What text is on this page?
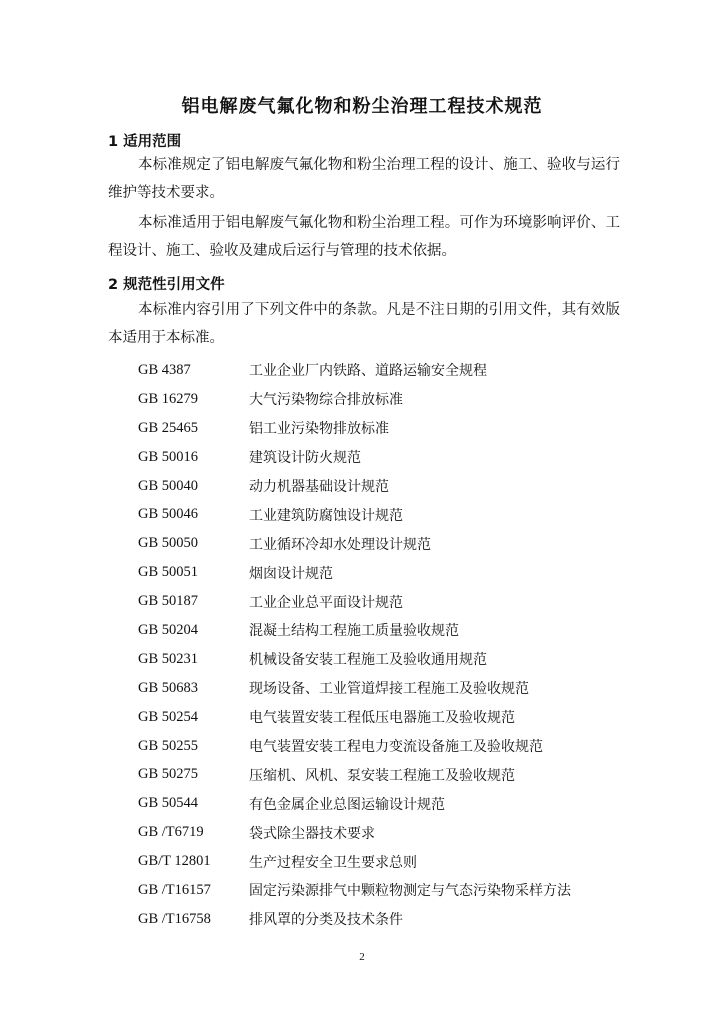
铝电解废气氟化物和粉尘治理工程技术规范
1 适用范围

本标准规定了铝电解废气氟化物和粉尘治理工程的设计、施工、验收与运行维护等技术要求。

本标准适用于铝电解废气氟化物和粉尘治理工程。可作为环境影响评价、工程设计、施工、验收及建成后运行与管理的技术依据。

2 规范性引用文件

本标准内容引用了下列文件中的条款。凡是不注日期的引用文件，其有效版本适用于本标准。

GB 4387	工业企业厂内铁路、道路运输安全规程
GB 16279	大气污染物综合排放标准
GB 25465	铝工业污染物排放标准
GB 50016	建筑设计防火规范
GB 50040	动力机器基础设计规范
GB 50046	工业建筑防腐蚀设计规范
GB 50050	工业循环冷却水处理设计规范
GB 50051	烟囱设计规范
GB 50187	工业企业总平面设计规范
GB 50204	混凝土结构工程施工质量验收规范
GB 50231	机械设备安装工程施工及验收通用规范
GB 50683	现场设备、工业管道焊接工程施工及验收规范
GB 50254	电气装置安装工程低压电器施工及验收规范
GB 50255	电气装置安装工程电力变流设备施工及验收规范
GB 50275	压缩机、风机、泵安装工程施工及验收规范
GB 50544	有色金属企业总图运输设计规范
GB /T6719	袋式除尘器技术要求
GB/T 12801	生产过程安全卫生要求总则
GB /T16157	固定污染源排气中颗粒物测定与气态污染物采样方法
GB /T16758	排风罩的分类及技术条件
2
